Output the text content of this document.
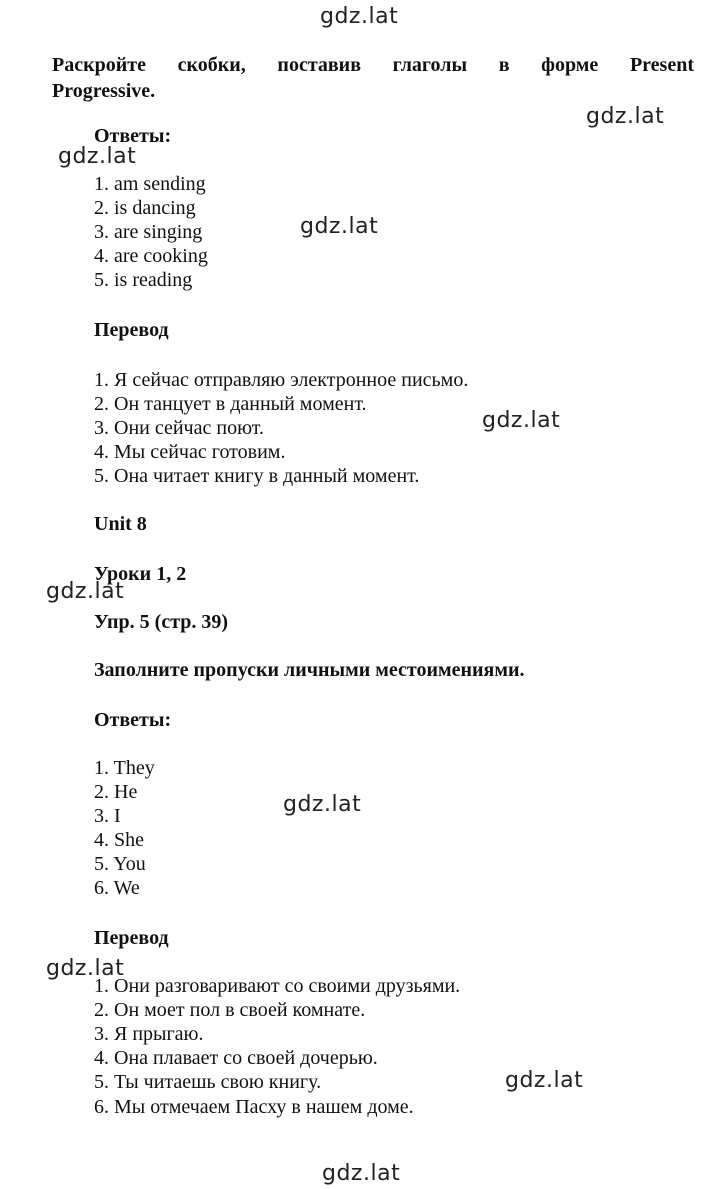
gdz.lat
gdz.lat
gdz.lat
gdz.lat
gdz.lat
gdz.lat
gdz.lat
gdz.lat
gdz.lat
gdz.lat
Раскройте скобки, поставив глаголы в форме Present Progressive.
Ответы:
1. am sending
2. is dancing
3. are singing
4. are cooking
5. is reading
Перевод
1. Я сейчас отправляю электронное письмо.
2. Он танцует в данный момент.
3. Они сейчас поют.
4. Мы сейчас готовим.
5. Она читает книгу в данный момент.
Unit 8
Уроки 1, 2
Упр. 5 (стр. 39)
Заполните пропуски личными местоимениями.
Ответы:
1. They
2. He
3. I
4. She
5. You
6. We
Перевод
1. Они разговаривают со своими друзьями.
2. Он моет пол в своей комнате.
3. Я прыгаю.
4. Она плавает со своей дочерью.
5. Ты читаешь свою книгу.
6. Мы отмечаем Пасху в нашем доме.
